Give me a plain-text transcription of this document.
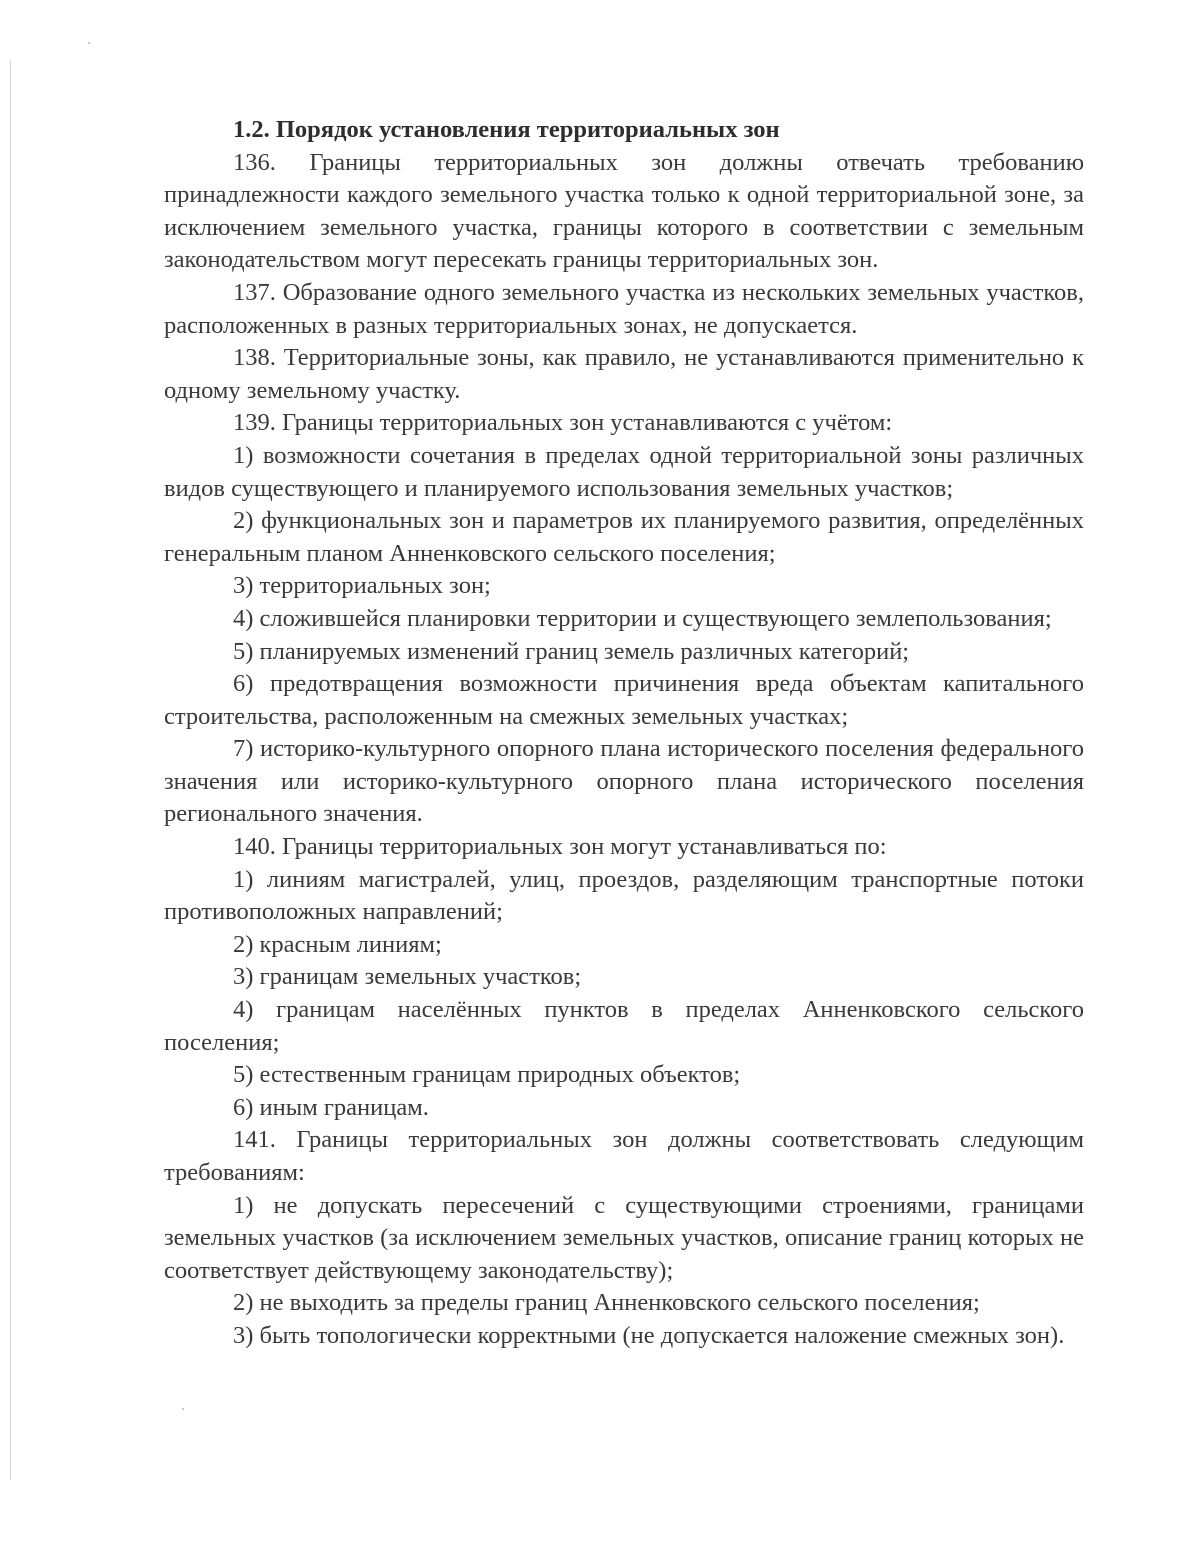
1.2. Порядок установления территориальных зон

136. Границы территориальных зон должны отвечать требованию принадлежности каждого земельного участка только к одной территориальной зоне, за исключением земельного участка, границы которого в соответствии с земельным законодательством могут пересекать границы территориальных зон.

137. Образование одного земельного участка из нескольких земельных участков, расположенных в разных территориальных зонах, не допускается.

138. Территориальные зоны, как правило, не устанавливаются применительно к одному земельному участку.

139. Границы территориальных зон устанавливаются с учётом:

1) возможности сочетания в пределах одной территориальной зоны различных видов существующего и планируемого использования земельных участков;

2) функциональных зон и параметров их планируемого развития, определённых генеральным планом Анненковского сельского поселения;

3) территориальных зон;

4) сложившейся планировки территории и существующего землепользования;

5) планируемых изменений границ земель различных категорий;

6) предотвращения возможности причинения вреда объектам капитального строительства, расположенным на смежных земельных участках;

7) историко-культурного опорного плана исторического поселения федерального значения или историко-культурного опорного плана исторического поселения регионального значения.

140. Границы территориальных зон могут устанавливаться по:

1) линиям магистралей, улиц, проездов, разделяющим транспортные потоки противоположных направлений;

2) красным линиям;

3) границам земельных участков;

4) границам населённых пунктов в пределах Анненковского сельского поселения;

5) естественным границам природных объектов;

6) иным границам.

141. Границы территориальных зон должны соответствовать следующим требованиям:

1) не допускать пересечений с существующими строениями, границами земельных участков (за исключением земельных участков, описание границ которых не соответствует действующему законодательству);

2) не выходить за пределы границ Анненковского сельского поселения;

3) быть топологически корректными (не допускается наложение смежных зон).
